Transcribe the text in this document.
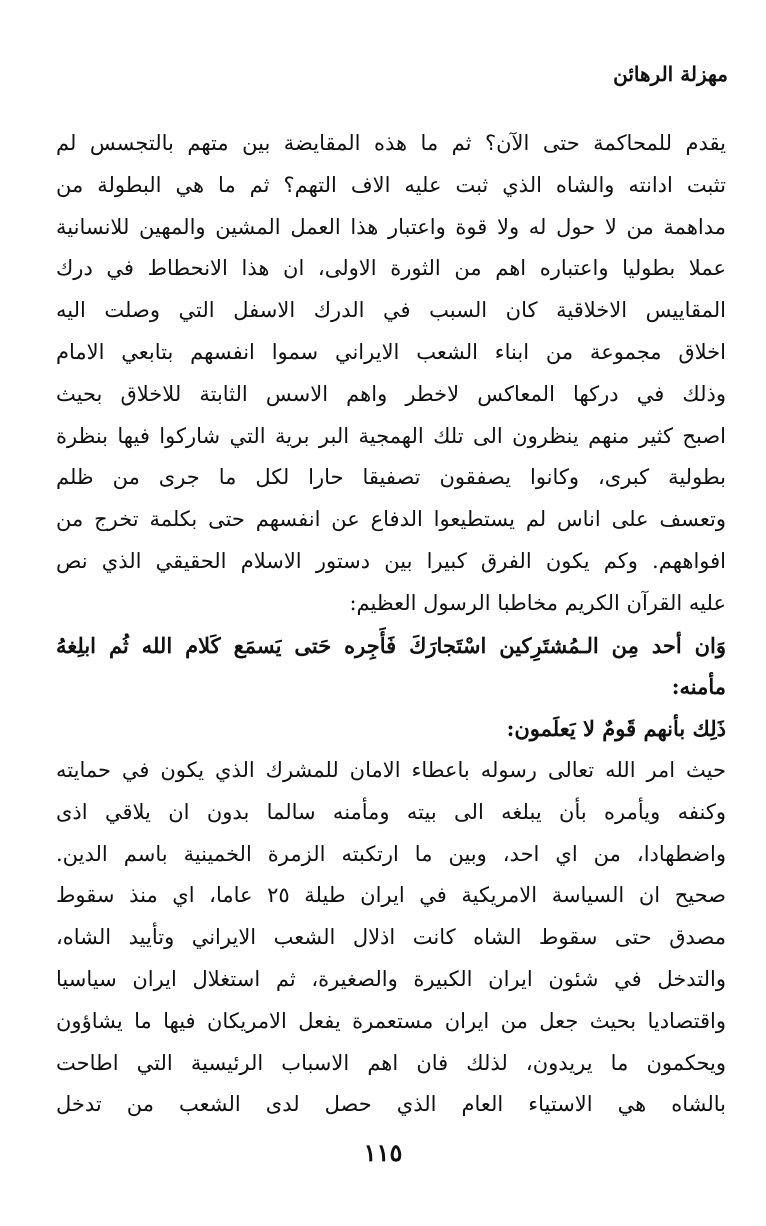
مهزلة الرهائن
يقدم للمحاكمة حتى الآن؟ ثم ما هذه المقايضة بين متهم بالتجسس لم
تثبت ادانته والشاه الذي ثبت عليه الاف التهم؟ ثم ما هي البطولة من
مداهمة من لا حول له ولا قوة واعتبار هذا العمل المشين والمهين للانسانية
عملا بطوليا واعتباره اهم من الثورة الاولى، ان هذا الانحطاط في درك
المقاييس الاخلاقية كان السبب في الدرك الاسفل التي وصلت اليه
اخلاق مجموعة من ابناء الشعب الايراني سموا انفسهم بتابعي الامام
وذلك في دركها المعاكس لاخطر واهم الاسس الثابتة للاخلاق بحيث
اصبح كثير منهم ينظرون الى تلك الهمجية البر برية التي شاركوا فيها بنظرة
بطولية كبرى، وكانوا يصفقون تصفيقا حارا لكل ما جرى من ظلم
وتعسف على اناس لم يستطيعوا الدفاع عن انفسهم حتى بكلمة تخرج من
افواههم. وكم يكون الفرق كبيرا بين دستور الاسلام الحقيقي الذي نص
عليه القرآن الكريم مخاطبا الرسول العظيم:
وَان أحد مِن الـمُشتَرِكين اسْتَجارَكَ فَأَجِره حَتى يَسمَع كَلام الله ثُم ابلِغهُ
مأمنه:
ذَلِك بأنهم قَومٌ لا يَعلَمون:
حيث امر الله تعالى رسوله باعطاء الامان للمشرك الذي يكون في حمايته
وكنفه ويأمره بأن يبلغه الى بيته ومأمنه سالما بدون ان يلاقي اذى
واضطهادا، من اي احد، وبين ما ارتكبته الزمرة الخمينية باسم الدين.
صحيح ان السياسة الامريكية في ايران طيلة ٢٥ عاما، اي منذ سقوط
مصدق حتى سقوط الشاه كانت اذلال الشعب الايراني وتأييد الشاه،
والتدخل في شئون ايران الكبيرة والصغيرة، ثم استغلال ايران سياسيا
واقتصاديا بحيث جعل من ايران مستعمرة يفعل الامريكان فيها ما يشاؤون
ويحكمون ما يريدون، لذلك فان اهم الاسباب الرئيسية التي اطاحت
بالشاه هي الاستياء العام الذي حصل لدى الشعب من تدخل
١١٥
